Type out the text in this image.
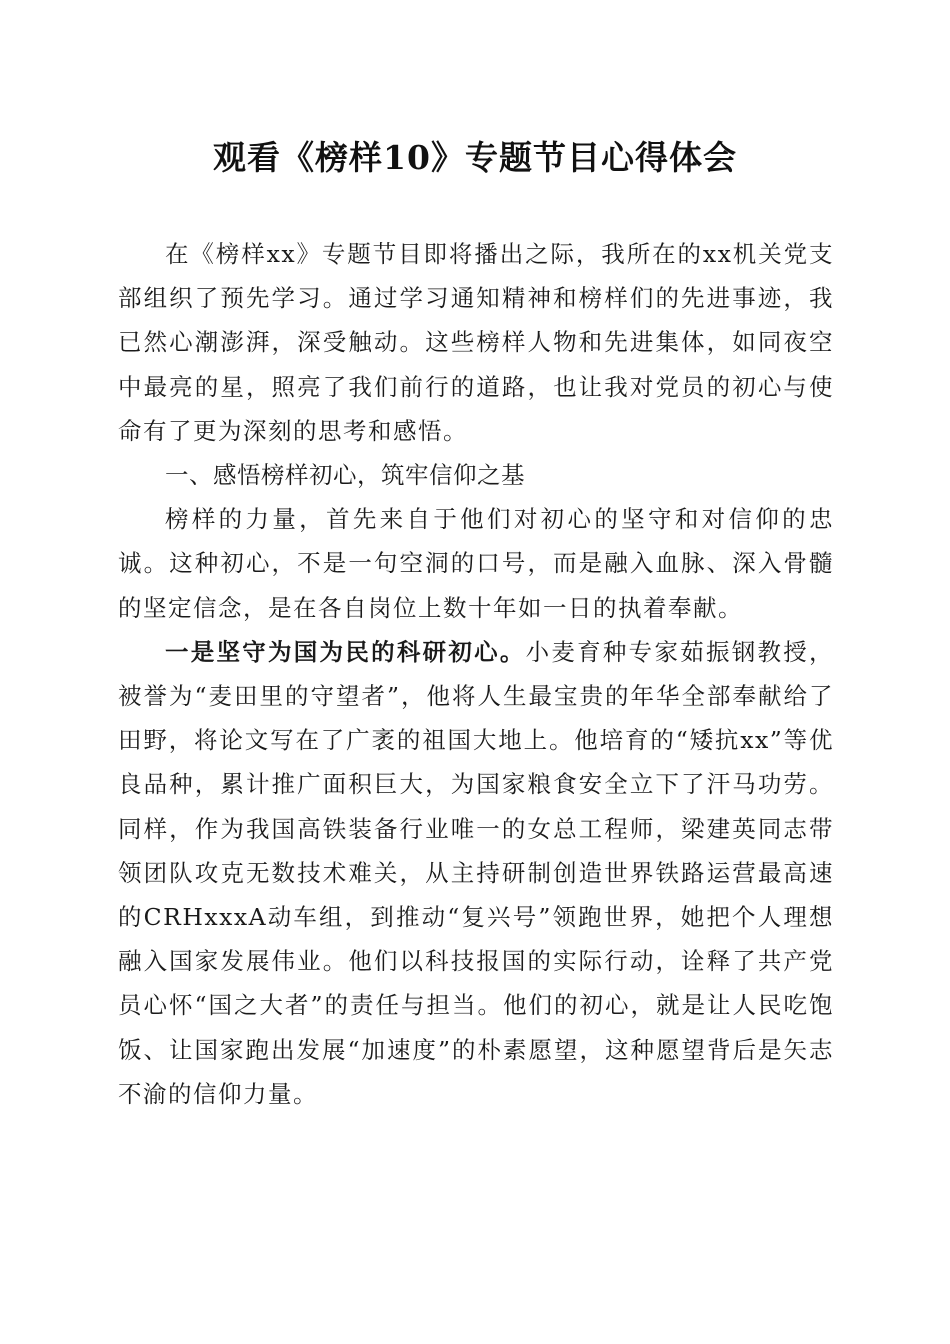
观看《榜样10》专题节目心得体会

在《榜样xx》专题节目即将播出之际，我所在的xx机关党支部组织了预先学习。通过学习通知精神和榜样们的先进事迹，我已然心潮澎湃，深受触动。这些榜样人物和先进集体，如同夜空中最亮的星，照亮了我们前行的道路，也让我对党员的初心与使命有了更为深刻的思考和感悟。

一、感悟榜样初心，筑牢信仰之基

榜样的力量，首先来自于他们对初心的坚守和对信仰的忠诚。这种初心，不是一句空洞的口号，而是融入血脉、深入骨髓的坚定信念，是在各自岗位上数十年如一日的执着奉献。

一是坚守为国为民的科研初心。小麦育种专家茹振钢教授，被誉为“麦田里的守望者”，他将人生最宝贵的年华全部奉献给了田野，将论文写在了广袤的祖国大地上。他培育的“矮抗xx”等优良品种，累计推广面积巨大，为国家粮食安全立下了汗马功劳。同样，作为我国高铁装备行业唯一的女总工程师，梁建英同志带领团队攻克无数技术难关，从主持研制创造世界铁路运营最高速的CRHxxxA动车组，到推动“复兴号”领跑世界，她把个人理想融入国家发展伟业。他们以科技报国的实际行动，诠释了共产党员心怀“国之大者”的责任与担当。他们的初心，就是让人民吃饱饭、让国家跑出发展“加速度”的朴素愿望，这种愿望背后是矢志不渝的信仰力量。
